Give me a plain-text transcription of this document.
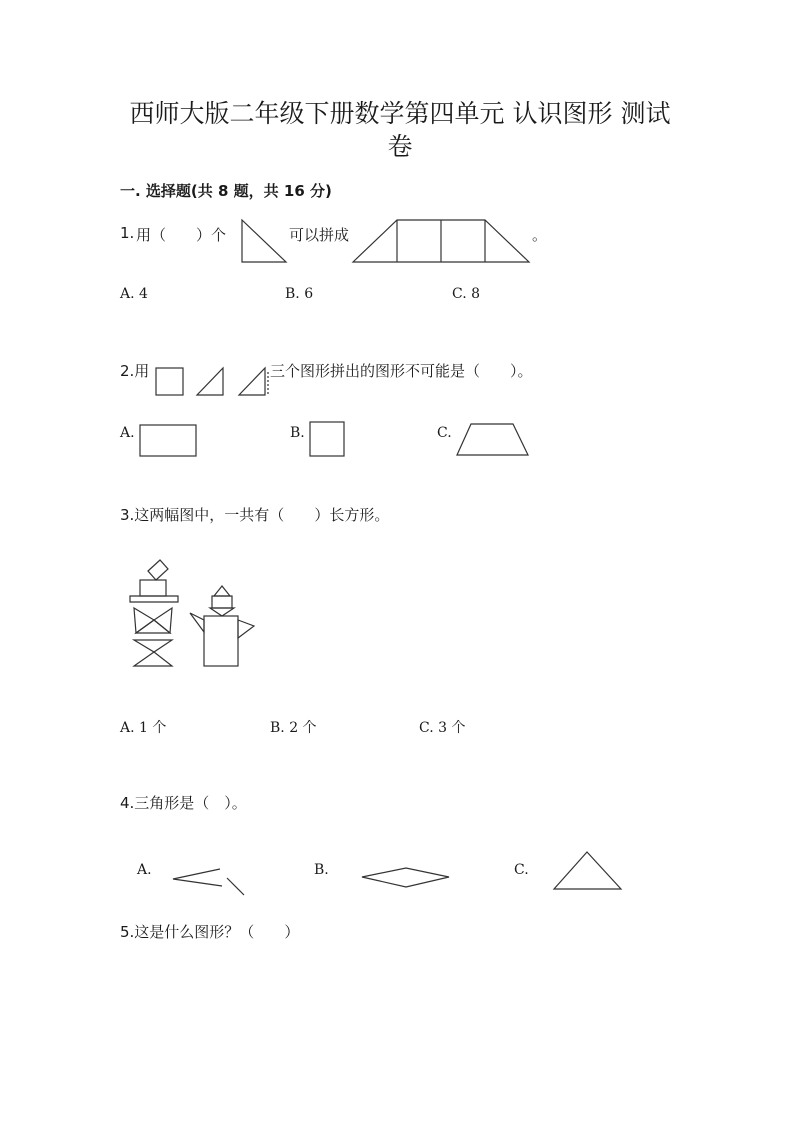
西师大版二年级下册数学第四单元 认识图形 测试
卷
一. 选择题(共 8 题，共 16 分)
1. 用（　　）个	可以拼成	。
A. 4	B. 6	C. 8
2.用	三个图形拼出的图形不可能是（　　）。
A.	B.	C.
3.这两幅图中，一共有（　　）长方形。
A. 1 个	B. 2 个	C. 3 个
4.三角形是（　）。
A.	B.	C.
5.这是什么图形？（　　）
